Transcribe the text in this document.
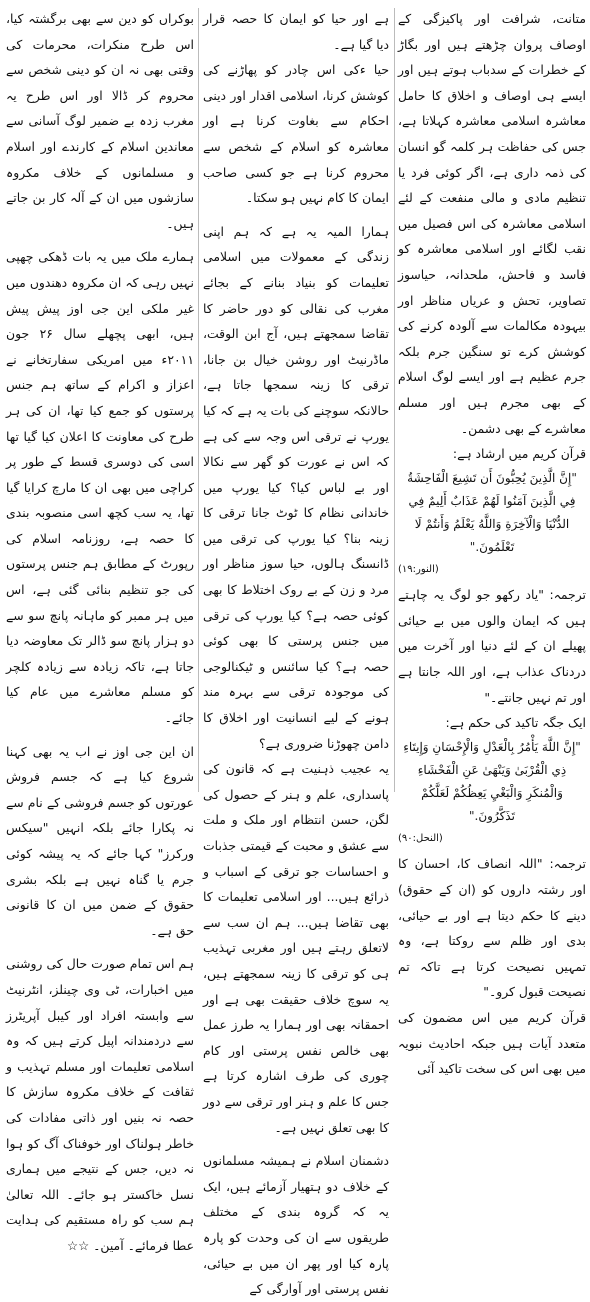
متانت، شرافت اور پاکیزگی کے اوصاف پروان چڑھتے ہیں اور بگاڑ کے خطرات کے سدباب ہوتے ہیں اور ایسے ہی اوصاف و اخلاق کا حامل معاشرہ اسلامی معاشرہ کہلاتا ہے، جس کی حفاظت ہر کلمہ گو انسان کی ذمہ داری ہے، اگر کوئی فرد یا تنظیم مادی و مالی منفعت کے لئے اسلامی معاشرہ کی اس فصیل میں نقب لگائے اور اسلامی معاشرہ کو فاسد و فاحش، ملحدانہ، حیاسوز تصاویر، تحش و عریاں مناظر اور بیہودہ مکالمات سے آلودہ کرنے کی کوشش کرے تو سنگین جرم بلکہ جرم عظیم ہے اور ایسے لوگ اسلام کے بھی مجرم ہیں اور مسلم معاشرے کے بھی دشمن۔

قرآن کریم میں ارشاد ہے:

"إِنَّ الَّذِينَ يُحِبُّونَ أَن تَشِيعَ الْفَاحِشَةُ فِي الَّذِينَ آمَنُوا لَهُمْ عَذَابٌ أَلِيمٌ فِي الدُّنْيَا وَالْآخِرَةِ وَاللَّهُ يَعْلَمُ وَأَنتُمْ لَا تَعْلَمُونَ."

(النور:١٩)

ترجمہ: "یاد رکھو جو لوگ یہ چاہتے ہیں کہ ایمان والوں میں بے حیائی پھیلے ان کے لئے دنیا اور آخرت میں دردناک عذاب ہے، اور اللہ جانتا ہے اور تم نہیں جانتے۔"

ایک جگہ تاکید کی حکم ہے:

"إِنَّ اللَّهَ يَأْمُرُ بِالْعَدْلِ وَالْإِحْسَانِ وَإِيتَاءِ ذِي الْقُرْبَىٰ وَيَنْهَىٰ عَنِ الْفَحْشَاءِ وَالْمُنكَرِ وَالْبَغْيِ يَعِظُكُمْ لَعَلَّكُمْ تَذَكَّرُونَ."

(النحل:٩٠)

ترجمہ: "اللہ انصاف کا، احسان کا اور رشتہ داروں کو (ان کے حقوق) دینے کا حکم دیتا ہے اور بے حیائی، بدی اور ظلم سے روکتا ہے، وہ تمہیں نصیحت کرتا ہے تاکہ تم نصیحت قبول کرو۔"

قرآن کریم میں اس مضمون کی متعدد آیات ہیں جبکہ احادیث نبویہ میں بھی اس کی سخت تاکید آئی

ہے اور حیا کو ایمان کا حصہ قرار دیا گیا ہے۔

حیا ءکی اس چادر کو پھاڑنے کی کوشش کرنا، اسلامی اقدار اور دینی احکام سے بغاوت کرنا ہے اور معاشرہ کو اسلام کے شخص سے محروم کرنا ہے جو کسی صاحب ایمان کا کام نہیں ہو سکتا۔

ہمارا المیہ یہ ہے کہ ہم اپنی زندگی کے معمولات میں اسلامی تعلیمات کو بنیاد بنانے کے بجائے مغرب کی نقالی کو دور حاضر کا تقاضا سمجھتے ہیں، آج ابن الوقت، ماڈرنیٹ اور روشن خیال بن جانا، ترقی کا زینہ سمجھا جاتا ہے، حالانکہ سوچنے کی بات یہ ہے کہ کیا یورپ نے ترقی اس وجہ سے کی ہے کہ اس نے عورت کو گھر سے نکالا اور بے لباس کیا؟ کیا یورپ میں خاندانی نظام کا ٹوٹ جانا ترقی کا زینہ بنا؟ کیا یورپ کی ترقی میں ڈانسنگ ہالوں، حیا سوز مناظر اور مرد و زن کے بے روک اختلاط کا بھی کوئی حصہ ہے؟ کیا یورپ کی ترقی میں جنس پرستی کا بھی کوئی حصہ ہے؟ کیا سائنس و ٹیکنالوجی کی موجودہ ترقی سے بہرہ مند ہونے کے لیے انسانیت اور اخلاق کا دامن چھوڑنا ضروری ہے؟

یہ عجیب ذہنیت ہے کہ قانون کی پاسداری، علم و ہنر کے حصول کی لگن، حسن انتظام اور ملک و ملت سے عشق و محبت کے قیمتی جذبات و احساسات جو ترقی کے اسباب و ذرائع ہیں... اور اسلامی تعلیمات کا بھی تقاضا ہیں... ہم ان سب سے لاتعلق رہتے ہیں اور مغربی تہذیب ہی کو ترقی کا زینہ سمجھتے ہیں، یہ سوچ خلاف حقیقت بھی ہے اور احمقانہ بھی اور ہمارا یہ طرز عمل بھی خالص نفس پرستی اور کام چوری کی طرف اشارہ کرتا ہے جس کا علم و ہنر اور ترقی سے دور کا بھی تعلق نہیں ہے۔

دشمنان اسلام نے ہمیشہ مسلمانوں کے خلاف دو ہتھیار آزمائے ہیں، ایک یہ کہ گروہ بندی کے مختلف طریقوں سے ان کی وحدت کو پارہ پارہ کیا اور پھر ان میں بے حیائی، نفس پرستی اور آوارگی کے

بوکراں کو دین سے بھی برگشتہ کیا، اس طرح منکرات، محرمات کی وقتی بھی نہ ان کو دینی شخص سے محروم کر ڈالا اور اس طرح یہ مغرب زدہ بے ضمیر لوگ آسانی سے معاندین اسلام کے کارندے اور اسلام و مسلمانوں کے خلاف مکروہ سازشوں میں ان کے آلہ کار بن جاتے ہیں۔

ہمارے ملک میں یہ بات ڈھکی چھپی نہیں رہی کہ ان مکروہ دھندوں میں غیر ملکی این جی اوز پیش پیش ہیں، ابھی پچھلے سال ۲۶ جون ۲۰۱۱ء میں امریکی سفارتخانے نے اعزاز و اکرام کے ساتھ ہم جنس پرستوں کو جمع کیا تھا، ان کی ہر طرح کی معاونت کا اعلان کیا گیا تھا اسی کی دوسری قسط کے طور پر کراچی میں بھی ان کا مارچ کرایا گیا تھا، یہ سب کچھ اسی منصوبہ بندی کا حصہ ہے، روزنامہ اسلام کی رپورٹ کے مطابق ہم جنس پرستوں کی جو تنظیم بنائی گئی ہے، اس میں ہر ممبر کو ماہانہ پانچ سو سے دو ہزار پانچ سو ڈالر تک معاوضہ دیا جاتا ہے، تاکہ زیادہ سے زیادہ کلچر کو مسلم معاشرے میں عام کیا جائے۔

ان این جی اوز نے اب یہ بھی کہنا شروع کیا ہے کہ جسم فروش عورتوں کو جسم فروشی کے نام سے نہ پکارا جائے بلکہ انہیں "سیکس ورکرز" کہا جائے کہ یہ پیشہ کوئی جرم یا گناہ نہیں ہے بلکہ بشری حقوق کے ضمن میں ان کا قانونی حق ہے۔

ہم اس تمام صورت حال کی روشنی میں اخبارات، ٹی وی چینلز، انٹرنیٹ سے وابستہ افراد اور کیبل آپریٹرز سے دردمندانہ اپیل کرتے ہیں کہ وہ اسلامی تعلیمات اور مسلم تہذیب و ثقافت کے خلاف مکروہ سازش کا حصہ نہ بنیں اور ذاتی مفادات کی خاطر ہولناک اور خوفناک آگ کو ہوا نہ دیں، جس کے نتیجے میں ہماری نسل خاکستر ہو جائے۔ اللہ تعالیٰ ہم سب کو راہ مستقیم کی ہدایت عطا فرمائے۔ آمین۔ ☆☆
